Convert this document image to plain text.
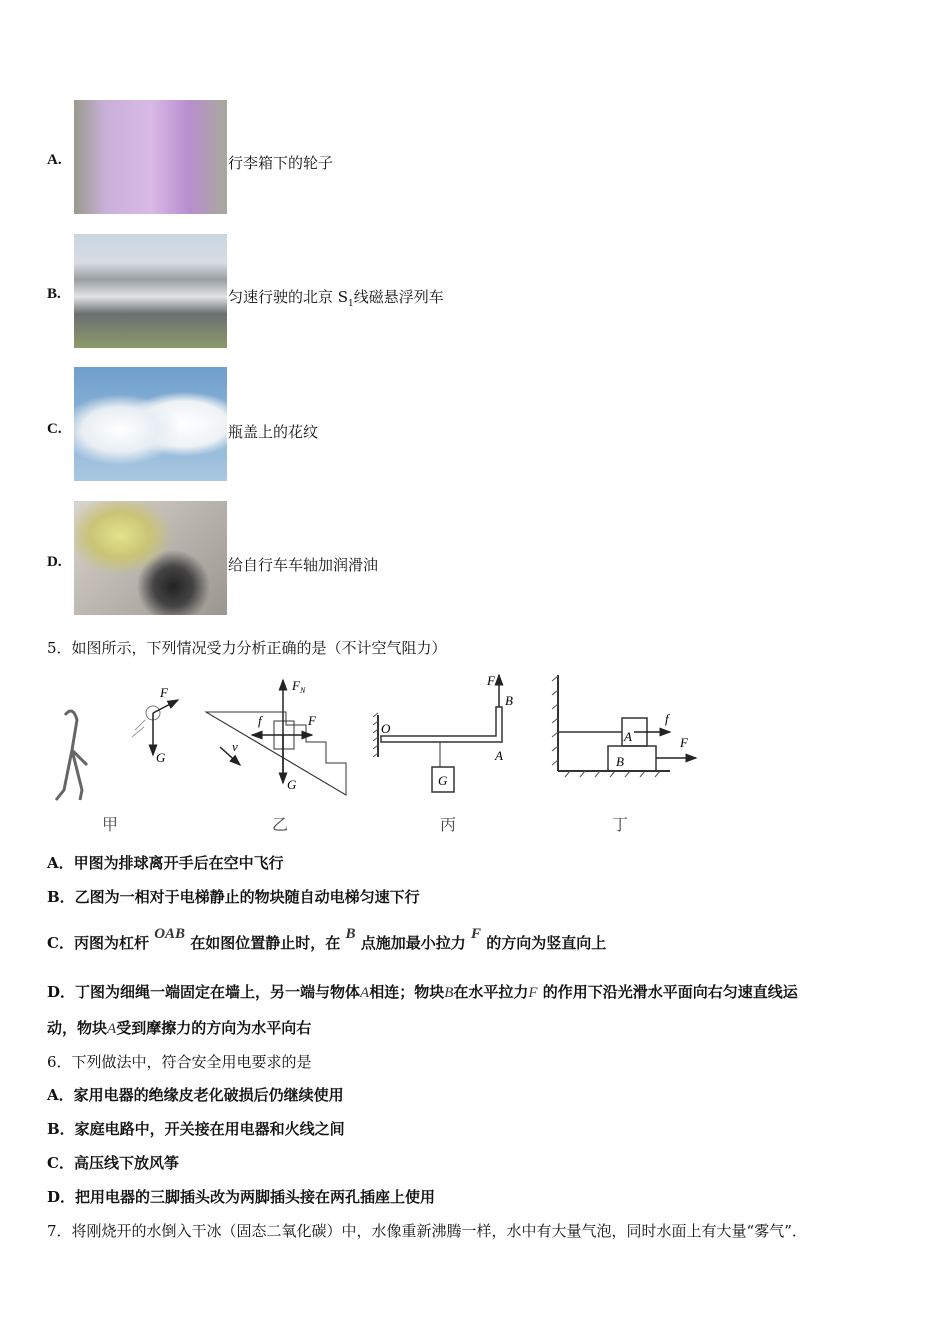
A.	行李箱下的轮子
B.	匀速行驶的北京 $S_1$线磁悬浮列车
C.	瓶盖上的花纹
D.	给自行车车轴加润滑油
5．如图所示，下列情况受力分析正确的是（不计空气阻力）
F
G
F N
f	F
v
G
O
F
B
A
G
A
B
f
F
甲	乙	丙	丁
A．甲图为排球离开手后在空中飞行
B．乙图为一相对于电梯静止的物块随自动电梯匀速下行
C．丙图为杠杆 OAB 在如图位置静止时，在 B 点施加最小拉力 F 的方向为竖直向上
D．丁图为细绳一端固定在墙上，另一端与物体A相连；物块B在水平拉力F 的作用下沿光滑水平面向右匀速直线运
动，物块A受到摩擦力的方向为水平向右
6．下列做法中，符合安全用电要求的是
A．家用电器的绝缘皮老化破损后仍继续使用
B．家庭电路中，开关接在用电器和火线之间
C．高压线下放风筝
D．把用电器的三脚插头改为两脚插头接在两孔插座上使用
7．将刚烧开的水倒入干冰（固态二氧化碳）中，水像重新沸腾一样，水中有大量气泡，同时水面上有大量“雾气”．
